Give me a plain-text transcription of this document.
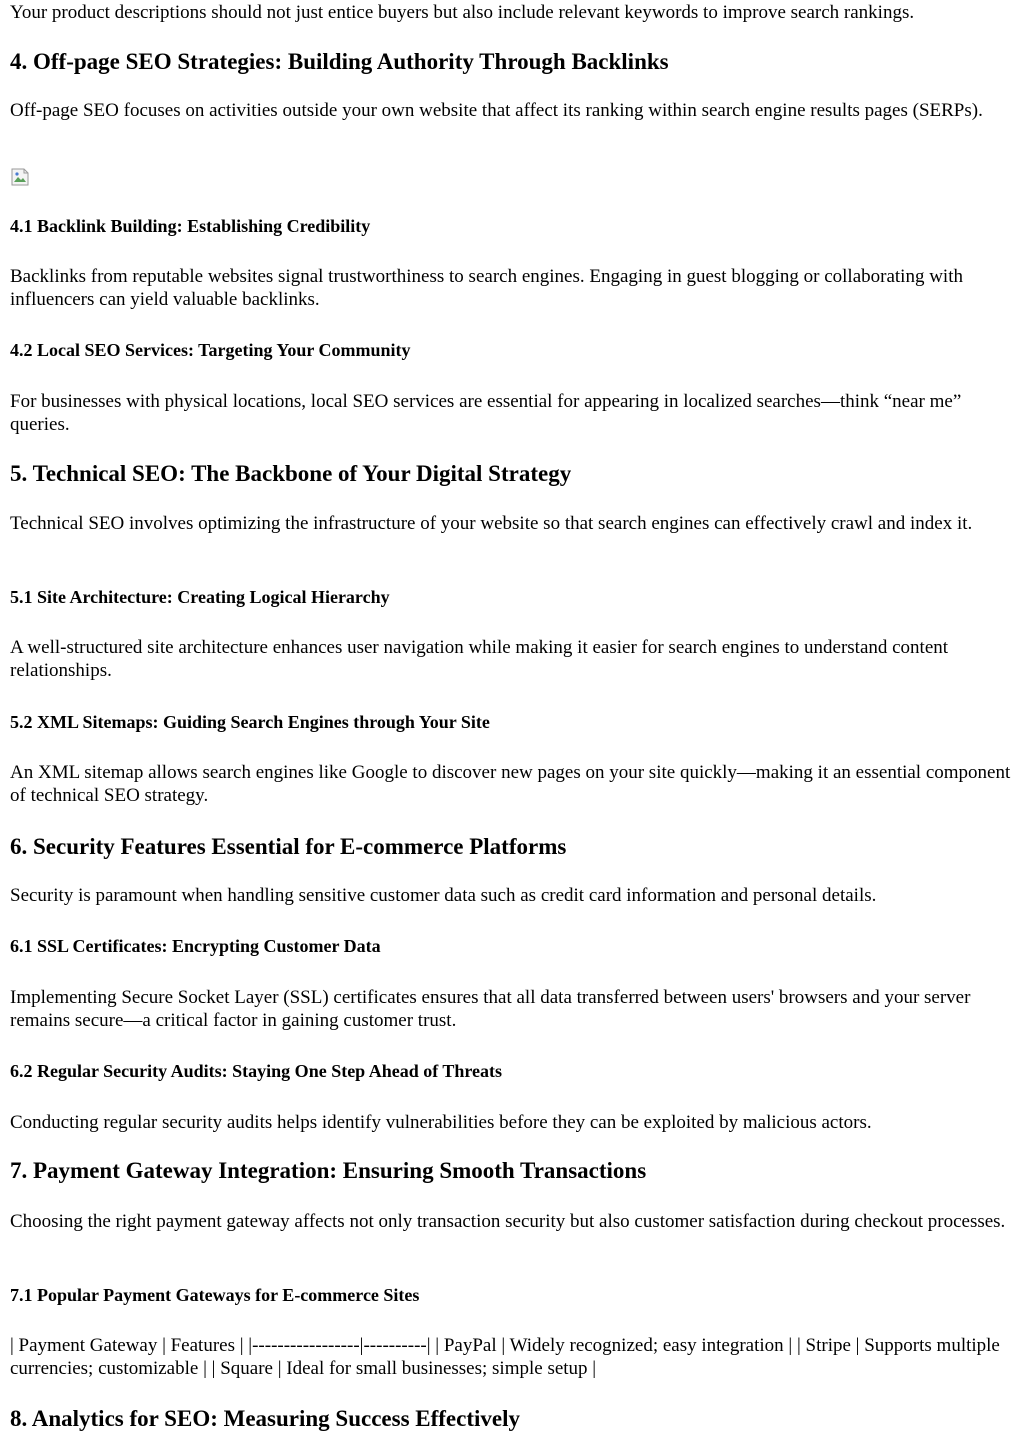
Your product descriptions should not just entice buyers but also include relevant keywords to improve search rankings.

4. Off-page SEO Strategies: Building Authority Through Backlinks

Off-page SEO focuses on activities outside your own website that affect its ranking within search engine results pages (SERPs).

4.1 Backlink Building: Establishing Credibility

Backlinks from reputable websites signal trustworthiness to search engines. Engaging in guest blogging or collaborating with influencers can yield valuable backlinks.

4.2 Local SEO Services: Targeting Your Community

For businesses with physical locations, local SEO services are essential for appearing in localized searches—think “near me” queries.

5. Technical SEO: The Backbone of Your Digital Strategy

Technical SEO involves optimizing the infrastructure of your website so that search engines can effectively crawl and index it.

5.1 Site Architecture: Creating Logical Hierarchy

A well-structured site architecture enhances user navigation while making it easier for search engines to understand content relationships.

5.2 XML Sitemaps: Guiding Search Engines through Your Site

An XML sitemap allows search engines like Google to discover new pages on your site quickly—making it an essential component of technical SEO strategy.

6. Security Features Essential for E-commerce Platforms

Security is paramount when handling sensitive customer data such as credit card information and personal details.

6.1 SSL Certificates: Encrypting Customer Data

Implementing Secure Socket Layer (SSL) certificates ensures that all data transferred between users' browsers and your server remains secure—a critical factor in gaining customer trust.

6.2 Regular Security Audits: Staying One Step Ahead of Threats

Conducting regular security audits helps identify vulnerabilities before they can be exploited by malicious actors.

7. Payment Gateway Integration: Ensuring Smooth Transactions

Choosing the right payment gateway affects not only transaction security but also customer satisfaction during checkout processes.

7.1 Popular Payment Gateways for E-commerce Sites

| Payment Gateway | Features | |-----------------|----------| | PayPal | Widely recognized; easy integration | | Stripe | Supports multiple currencies; customizable | | Square | Ideal for small businesses; simple setup |

8. Analytics for SEO: Measuring Success Effectively
